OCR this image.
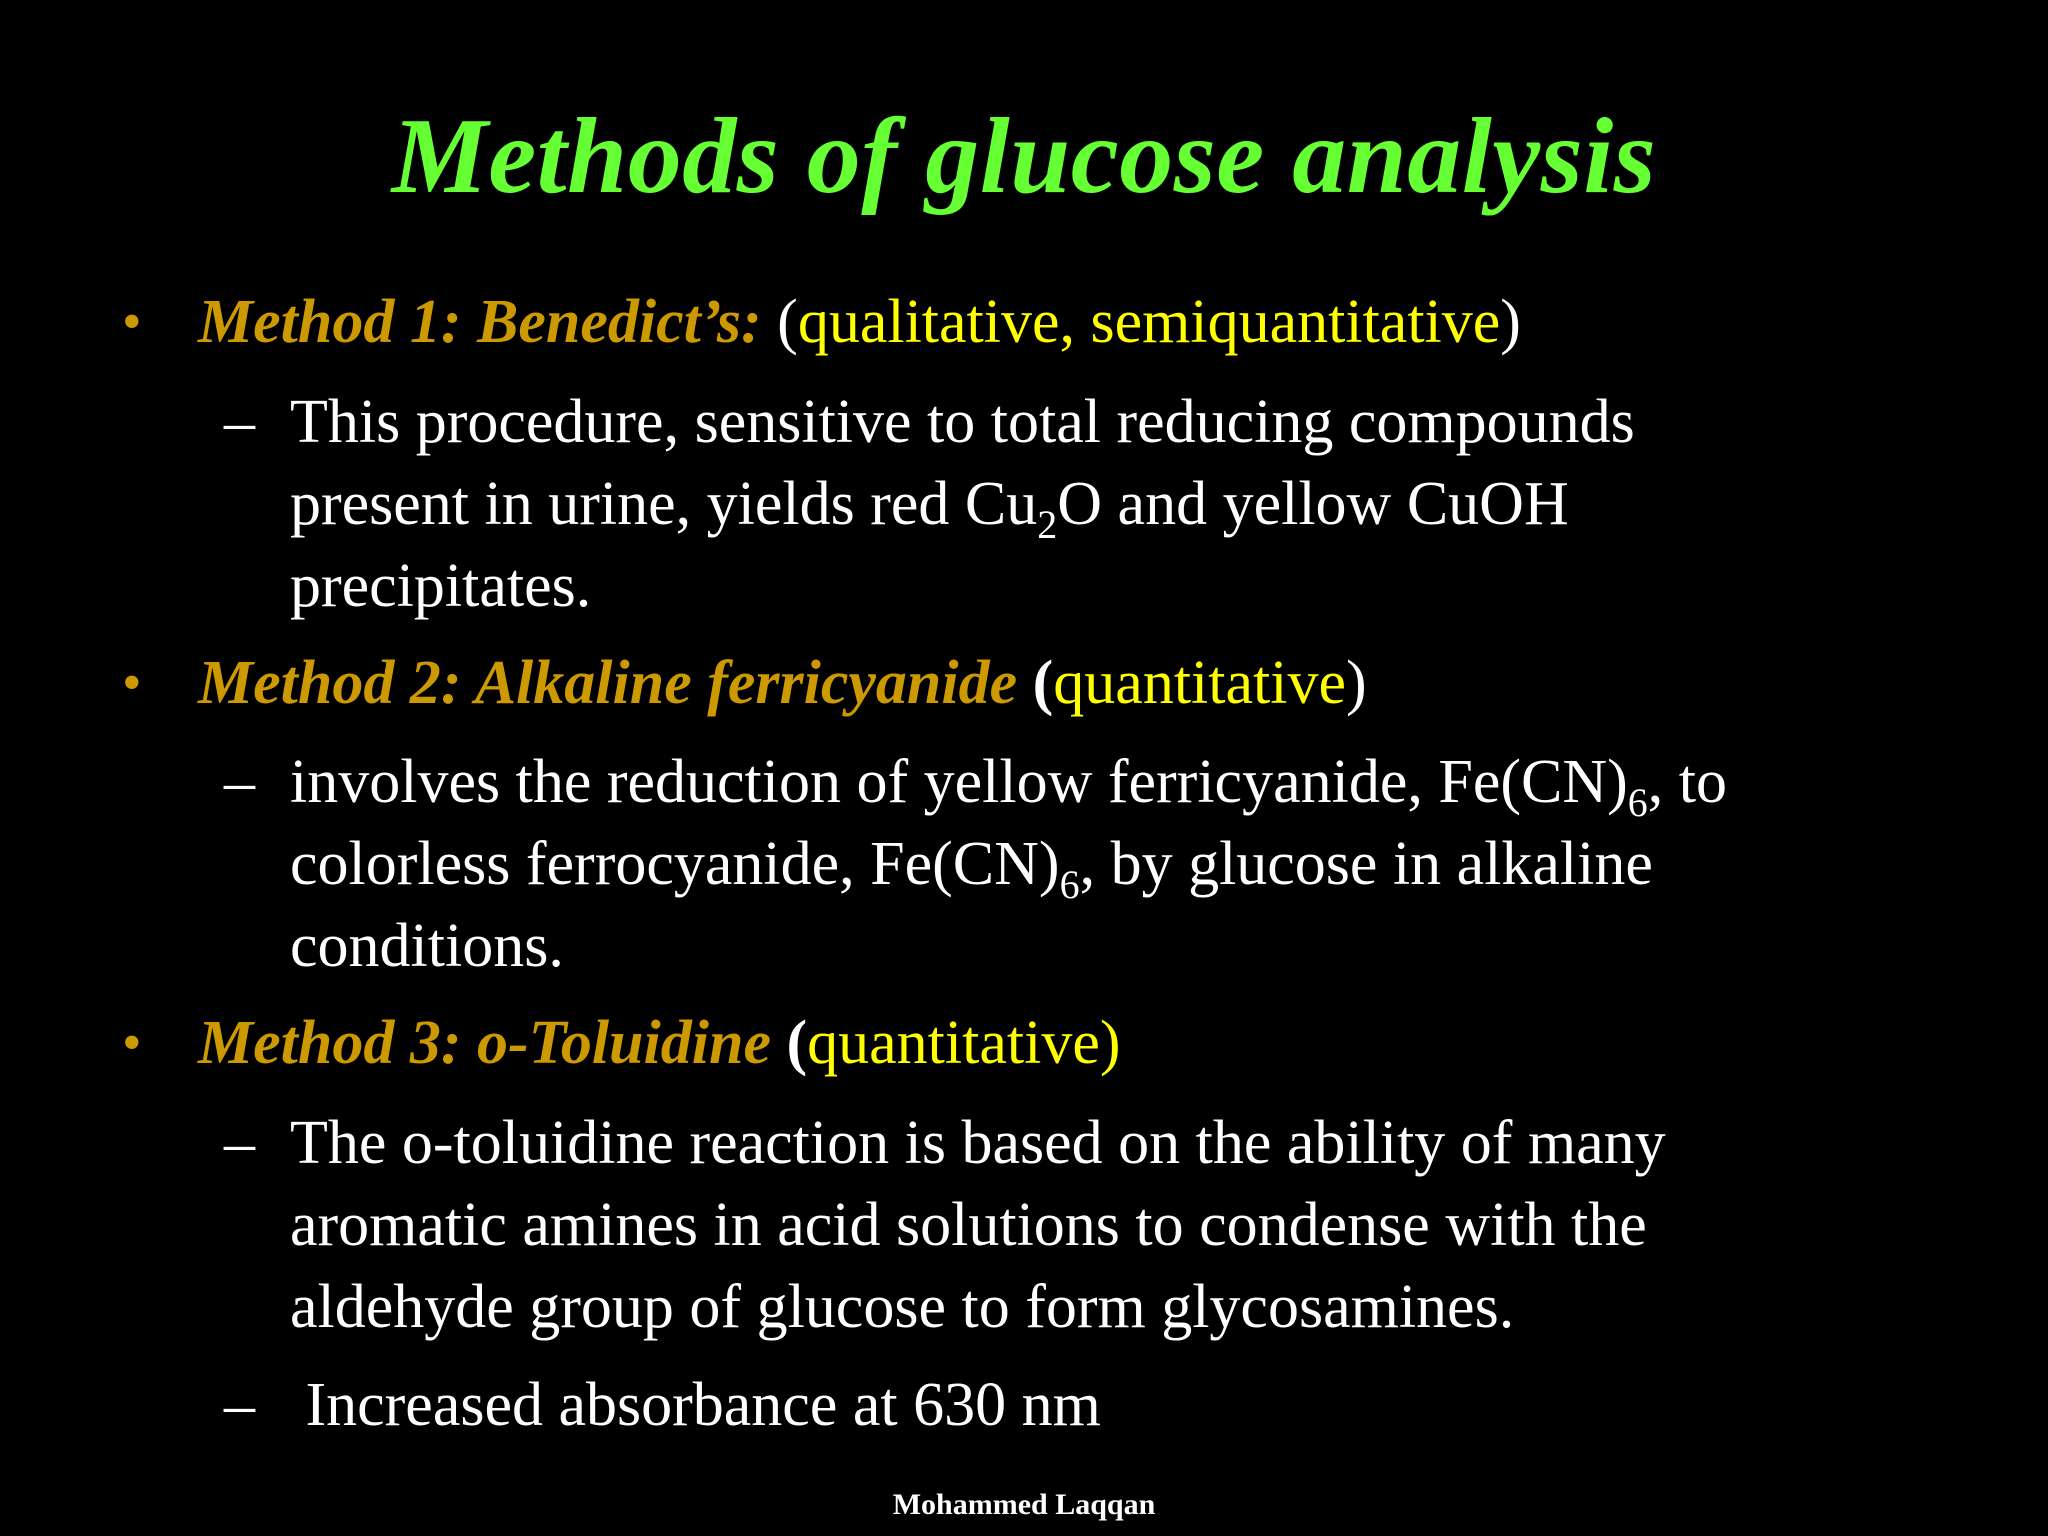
Methods of glucose analysis
• Method 1: Benedict’s: (qualitative, semiquantitative)
– This procedure, sensitive to total reducing compounds
present in urine, yields red $Cu_2O$ and yellow CuOH
precipitates.
• Method 2: Alkaline ferricyanide (quantitative)
– involves the reduction of yellow ferricyanide, $Fe(CN)_6$, to
colorless ferrocyanide, $Fe(CN)_6$, by glucose in alkaline
conditions.
• Method 3: o-Toluidine (quantitative)
– The o-toluidine reaction is based on the ability of many
aromatic amines in acid solutions to condense with the
aldehyde group of glucose to form glycosamines.
– Increased absorbance at 630 nm
Mohammed Laqqan
